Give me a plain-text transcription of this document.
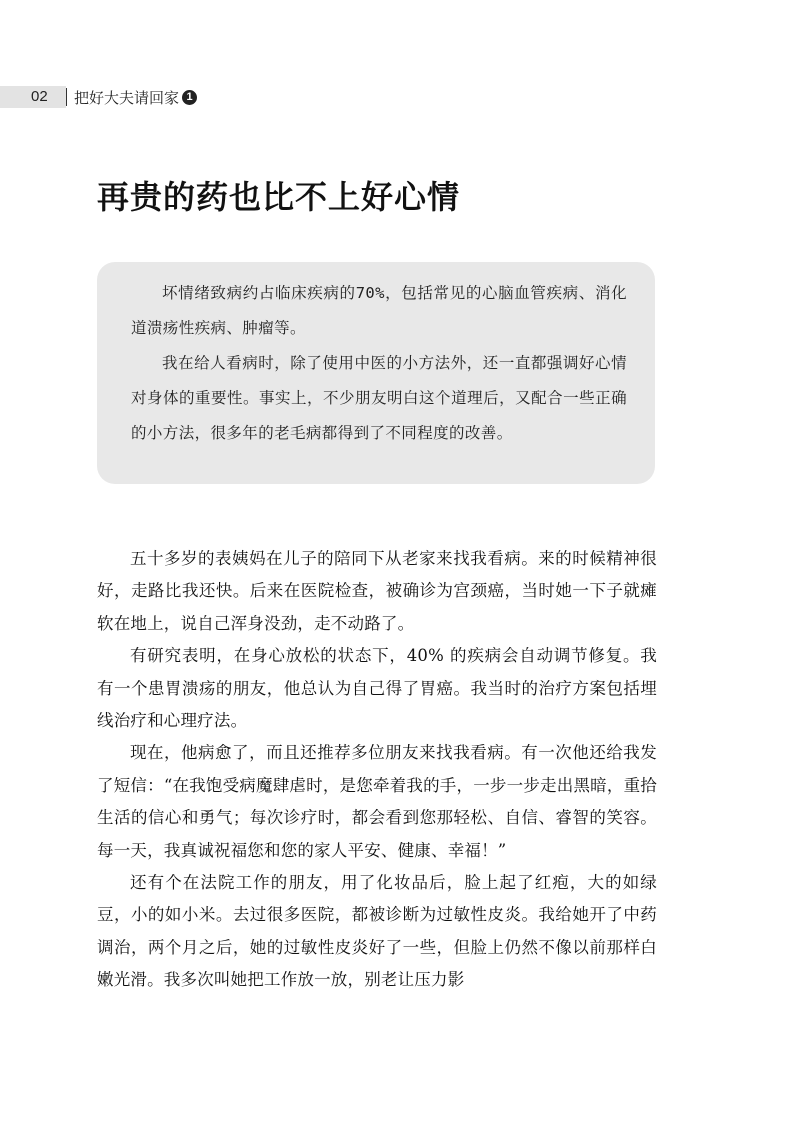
02 把好大夫请回家 1
再贵的药也比不上好心情

坏情绪致病约占临床疾病的70%，包括常见的心脑血管疾病、消化道溃疡性疾病、肿瘤等。

我在给人看病时，除了使用中医的小方法外，还一直都强调好心情对身体的重要性。事实上，不少朋友明白这个道理后，又配合一些正确的小方法，很多年的老毛病都得到了不同程度的改善。

五十多岁的表姨妈在儿子的陪同下从老家来找我看病。来的时候精神很好，走路比我还快。后来在医院检查，被确诊为宫颈癌，当时她一下子就瘫软在地上，说自己浑身没劲，走不动路了。

有研究表明，在身心放松的状态下，40% 的疾病会自动调节修复。我有一个患胃溃疡的朋友，他总认为自己得了胃癌。我当时的治疗方案包括埋线治疗和心理疗法。

现在，他病愈了，而且还推荐多位朋友来找我看病。有一次他还给我发了短信：“在我饱受病魔肆虐时，是您牵着我的手，一步一步走出黑暗，重拾生活的信心和勇气；每次诊疗时，都会看到您那轻松、自信、睿智的笑容。每一天，我真诚祝福您和您的家人平安、健康、幸福！”

还有个在法院工作的朋友，用了化妆品后，脸上起了红疱，大的如绿豆，小的如小米。去过很多医院，都被诊断为过敏性皮炎。我给她开了中药调治，两个月之后，她的过敏性皮炎好了一些，但脸上仍然不像以前那样白嫩光滑。我多次叫她把工作放一放，别老让压力影
